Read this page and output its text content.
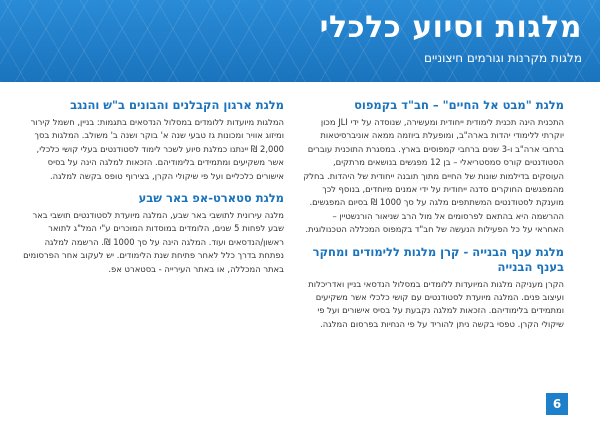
מלגות וסיוע כלכלי
מלגות מקרנות וגורמים חיצוניים
מלגת "מבט אל החיים" – חב"ד בקמפוס
התכנית הינה תכנית לימודית ייחודית ומעשירה, שנוסדה על ידי JLI מכון יוקרתי ללימודי יהדות בארה"ב, ומופעלת ביוזמה ממאה אוניברסיטאות ברחבי ארה"ב ו-3 שנים ברחבי קמפוסים בארץ. במסגרת התוכנית עוברים הסטודנטים קורס סמסטריאלי – בן 12 מפגשים בנושאים מרתקים, העוסקים בדילמות שונות של החיים מתוך תובנה ייחודית של היהדות. בחלק מהמפגשים החוקרים סדנה ייחודית על ידי אמנים מיוחדים, בנוסף לכך מוענקת לסטודנטים המשתתפים מלגה על סך 1000 ₪ בסיום המפגשים. ההרשמה היא בהתאם לפרסומים אל מול הרב שניאור הורנשטיין – האחראי על כל הפעילות הנעשה של חב"ד בקמפוס המכללה הטכנולוגית.
מלגת ענף הבנייה - קרן מלגות ללימודים ומחקר בענף הבנייה
הקרן מעניקה מלגות המיועדות ללומדים במסלול הנדסאי בניין ואדריכלות ועיצוב פנים. המלגה מיועדת לסטודנטים עם קושי כלכלי אשר משקיעים ומתמידים בלימודיהם. הזכאות למלגה נקבעת על בסיס אישורים ועל פי שיקולי הקרן. טפסי בקשה ניתן להוריד על פי הנחיות בפרסום המלגה.
מלגת ארגון הקבלנים והבונים ב"ש והנגב
המלגות מיועדות ללומדים במסלול הנדסאים בתגמות: בניין, חשמל קירור ומיזוג אוויר ומכונות גז טבעי שנה א' בוקר ושנה ב' משולב. המלגות בסך 2,000 ₪ יינתנו כמלגת סיוע לשכר לימוד לסטודנטים בעלי קושי כלכלי, אשר משקיעים ומתמידים בלימודיהם. הזכאות למלגה הינה על בסיס אישורים כלכליים ועל פי שיקולי הקרן, בצירוף טופס בקשה למלגה.
מלגת סטארט-אפ באר שבע
מלגה עירונית לתושבי באר שבע, המלגה מיועדת לסטודנטים תושבי באר שבע לפחות 5 שנים, הלומדים במוסדות המוכרים ע"י המל"ג לתואר ראשון/הנדסאים ועוד. המלגה הינה על סך 1000 ₪. הרשמה למלגה נפתחת בדרך כלל לאחר פתיחת שנת הלימודים. יש לעקוב אחר הפרסומים באתר המכללה, או באתר העירייה - בסטארט אפ.
6
